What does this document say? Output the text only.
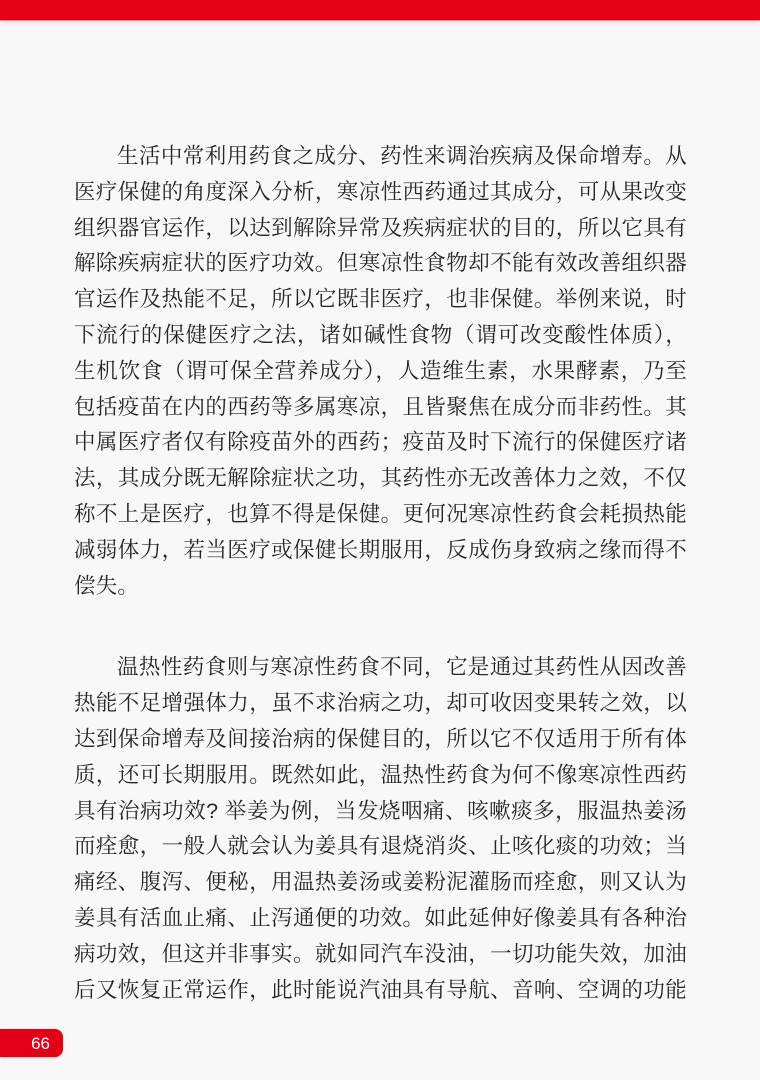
生活中常利用药食之成分、药性来调治疾病及保命增寿。从
医疗保健的角度深入分析，寒凉性西药通过其成分，可从果改变
组织器官运作，以达到解除异常及疾病症状的目的，所以它具有
解除疾病症状的医疗功效。但寒凉性食物却不能有效改善组织器
官运作及热能不足，所以它既非医疗，也非保健。举例来说，时
下流行的保健医疗之法，诸如碱性食物（谓可改变酸性体质），
生机饮食（谓可保全营养成分），人造维生素，水果酵素，乃至
包括疫苗在内的西药等多属寒凉，且皆聚焦在成分而非药性。其
中属医疗者仅有除疫苗外的西药；疫苗及时下流行的保健医疗诸
法，其成分既无解除症状之功，其药性亦无改善体力之效，不仅
称不上是医疗，也算不得是保健。更何况寒凉性药食会耗损热能
减弱体力，若当医疗或保健长期服用，反成伤身致病之缘而得不
偿失。
温热性药食则与寒凉性药食不同，它是通过其药性从因改善
热能不足增强体力，虽不求治病之功，却可收因变果转之效，以
达到保命增寿及间接治病的保健目的，所以它不仅适用于所有体
质，还可长期服用。既然如此，温热性药食为何不像寒凉性西药
具有治病功效? 举姜为例，当发烧咽痛、咳嗽痰多，服温热姜汤
而痊愈，一般人就会认为姜具有退烧消炎、止咳化痰的功效；当
痛经、腹泻、便秘，用温热姜汤或姜粉泥灌肠而痊愈，则又认为
姜具有活血止痛、止泻通便的功效。如此延伸好像姜具有各种治
病功效，但这并非事实。就如同汽车没油，一切功能失效，加油
后又恢复正常运作，此时能说汽油具有导航、音响、空调的功能
66
